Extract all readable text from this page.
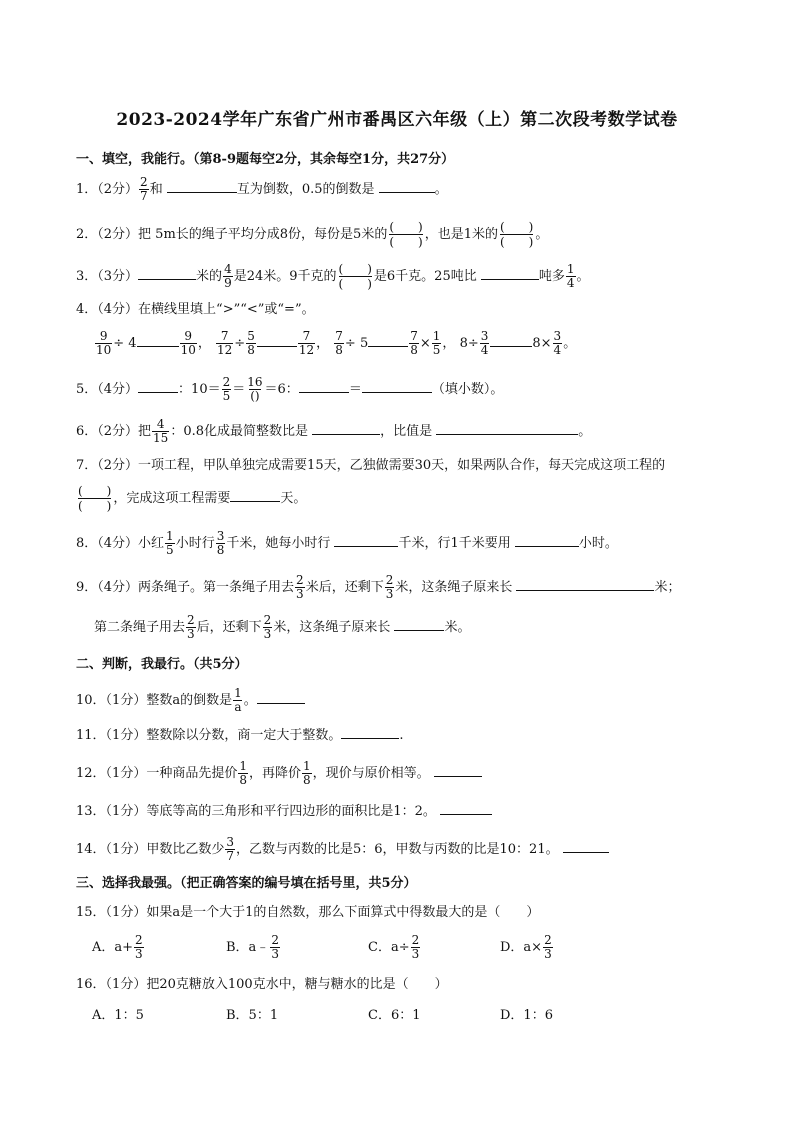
2023-2024学年广东省广州市番禺区六年级（上）第二次段考数学试卷
一、填空，我能行。（第8-9题每空2分，其余每空1分，共27分）
1．（2分） $\frac{2}{7}$ 和	互为倒数，0.5的倒数是	。
2．（2分）把 5m长的绳子平均分成8份，每份是5米的 (　　)
(　　) ，也是1米的 (　　)
(　　) 。
3．（3分）	米的 $\frac{4}{9}$ 是24米。9千克的 (　　)
(　　) 是6千克。25吨比	吨多 $\frac{1}{4}$ 。
4．（4分）在横线里填上“>”“<”或“=”。
$\frac{9}{10} \div 4$	$\frac{9}{10}$ ， $\frac{7}{12} \div \frac{5}{8}$	$\frac{7}{12}$ ， $\frac{7}{8} \div 5$	$\frac{7}{8} \times \frac{1}{5}$ ， $8\div \frac{3}{4}$	$8\times \frac{3}{4}$ 。
5．（4分）	：$10= \frac{2}{5} = 16$
() ＝6：	＝	（填小数）。
6．（2分）把 $\frac{4}{15}$ ：0.8化成最简整数比是	，比值是	。
7．（2分）一项工程，甲队单独完成需要15天，乙独做需要30天，如果两队合作，每天完成这项工程的
(　　)
(　　) ，完成这项工程需要	天。
8．（4分）小红 $\frac{1}{5}$ 小时行 $\frac{3}{8}$ 千米，她每小时行	千米，行1千米要用	小时。
9．（4分）两条绳子。第一条绳子用去 $\frac{2}{3}$ 米后，还剩下 $\frac{2}{3}$ 米，这条绳子原来长	米；
第二条绳子用去 $\frac{2}{3}$ 后，还剩下 $\frac{2}{3}$ 米，这条绳子原来长	米。
二、判断，我最行。（共5分）
10．（1分）整数a的倒数是 $\frac{1}{a}$ 。
11．（1分）整数除以分数，商一定大于整数。	.
12．（1分）一种商品先提价 $\frac{1}{8}$ ，再降价 $\frac{1}{8}$ ，现价与原价相等。
13．（1分）等底等高的三角形和平行四边形的面积比是1：2。
14．（1分）甲数比乙数少 $\frac{3}{7}$ ，乙数与丙数的比是5：6，甲数与丙数的比是10：21。
三、选择我最强。（把正确答案的编号填在括号里，共5分）
15．（1分）如果a是一个大于1的自然数，那么下面算式中得数最大的是（　　）
A．$a+ \frac{2}{3}$	B．a﹣ $\frac{2}{3}$	C．$a\div \frac{2}{3}$	D．$a\times \frac{2}{3}$
16．（1分）把20克糖放入100克水中，糖与糖水的比是（　　）
A．1：5	B．5：1	C．6：1	D．1：6
